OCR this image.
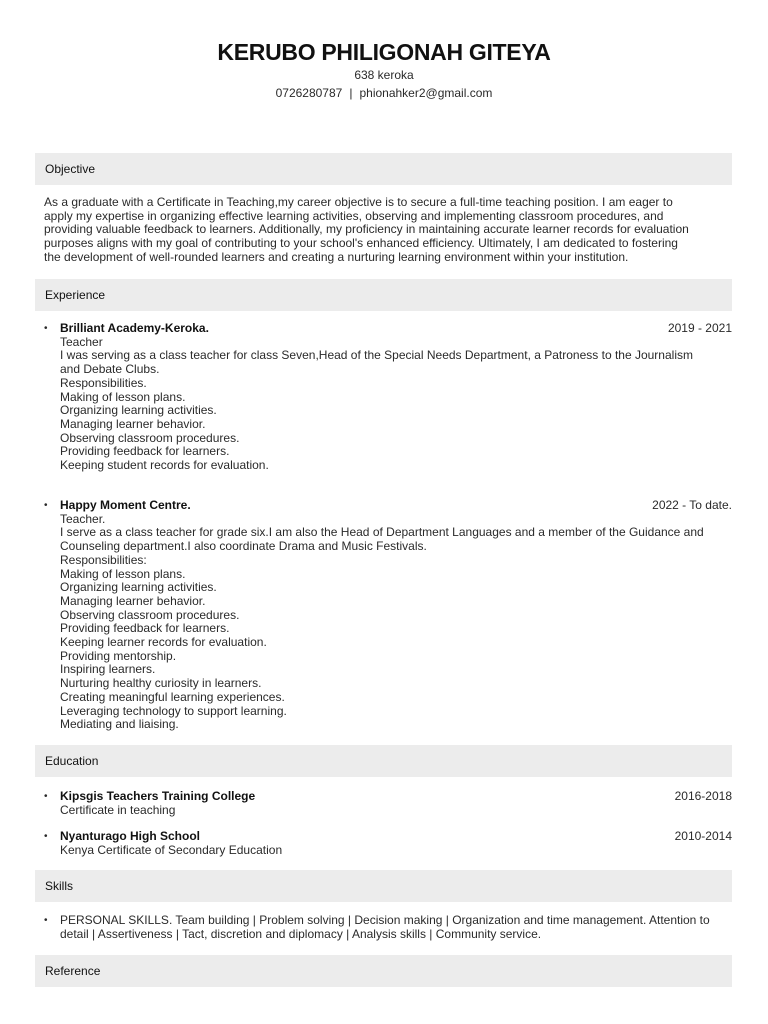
KERUBO PHILIGONAH GITEYA
638 keroka
0726280787 | phionahker2@gmail.com
Objective
As a graduate with a Certificate in Teaching,my career objective is to secure a full-time teaching position. I am eager to
apply my expertise in organizing effective learning activities, observing and implementing classroom procedures, and
providing valuable feedback to learners. Additionally, my proficiency in maintaining accurate learner records for evaluation
purposes aligns with my goal of contributing to your school's enhanced efficiency. Ultimately, I am dedicated to fostering
the development of well-rounded learners and creating a nurturing learning environment within your institution.
Experience
•	2019 - 2021
Brilliant Academy-Keroka.
Teacher
I was serving as a class teacher for class Seven,Head of the Special Needs Department, a Patroness to the Journalism
and Debate Clubs.
Responsibilities.
Making of lesson plans.
Organizing learning activities.
Managing learner behavior.
Observing classroom procedures.
Providing feedback for learners.
Keeping student records for evaluation.
•	2022 - To date.
Happy Moment Centre.
Teacher.
I serve as a class teacher for grade six.I am also the Head of Department Languages and a member of the Guidance and
Counseling department.I also coordinate Drama and Music Festivals.
Responsibilities:
Making of lesson plans.
Organizing learning activities.
Managing learner behavior.
Observing classroom procedures.
Providing feedback for learners.
Keeping learner records for evaluation.
Providing mentorship.
Inspiring learners.
Nurturing healthy curiosity in learners.
Creating meaningful learning experiences.
Leveraging technology to support learning.
Mediating and liaising.
Education
•	2016-2018
Kipsgis Teachers Training College
Certificate in teaching
•	2010-2014
Nyanturago High School
Kenya Certificate of Secondary Education
Skills
• PERSONAL SKILLS. Team building | Problem solving | Decision making | Organization and time management. Attention to
detail | Assertiveness | Tact, discretion and diplomacy | Analysis skills | Community service.
Reference
